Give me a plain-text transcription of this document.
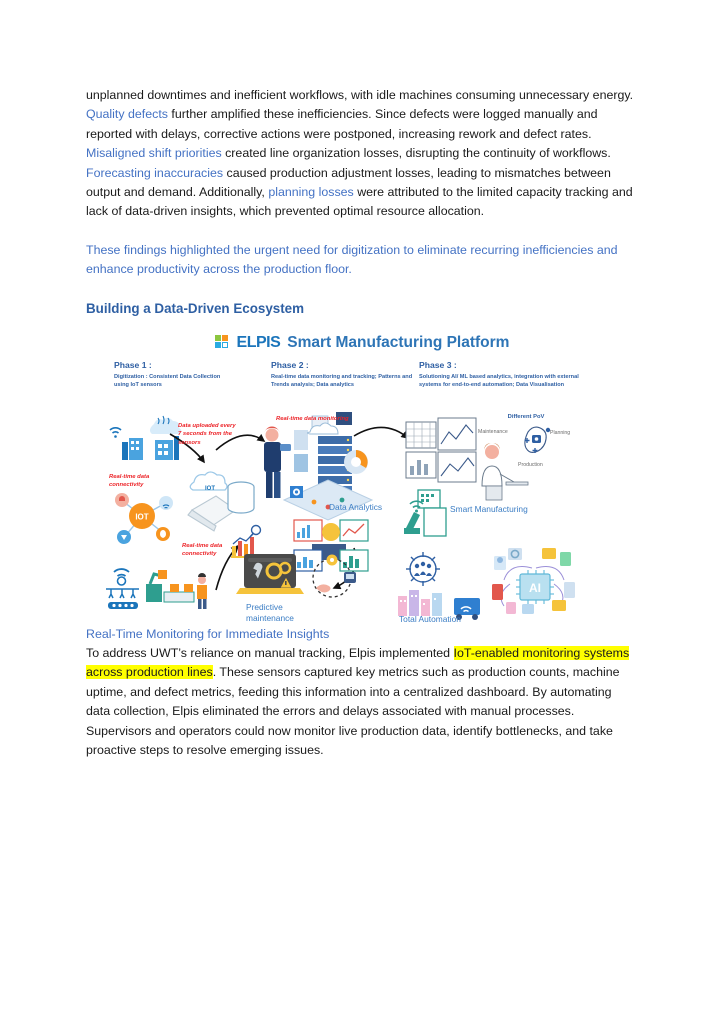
unplanned downtimes and inefficient workflows, with idle machines consuming unnecessary energy.

Quality defects further amplified these inefficiencies. Since defects were logged manually and reported with delays, corrective actions were postponed, increasing rework and defect rates. Misaligned shift priorities created line organization losses, disrupting the continuity of workflows. Forecasting inaccuracies caused production adjustment losses, leading to mismatches between output and demand. Additionally, planning losses were attributed to the limited capacity tracking and lack of data-driven insights, which prevented optimal resource allocation.

These findings highlighted the urgent need for digitization to eliminate recurring inefficiencies and enhance productivity across the production floor.

Building a Data-Driven Ecosystem
ELPIS Smart Manufacturing Platform
Phase 1 :
Digitization : Consistent Data Collection using IoT sensors
Phase 2 :
Real-time data monitoring and tracking; Patterns and Trends analysis; Data analytics
Phase 3 :
Solutioning AI/ ML based analytics, integration with external systems for end-to-end automation; Data Visualisation
IOT
IOT
AI
Data uploaded every 7 seconds from the sensors
Real-time data connectivity
Real-time data connectivity
Real-time data monitoring
Data Analytics
Predictive maintenance
Smart Manufacturing
Total Automation
Different PoV
Maintenance	Planning
Production

Real-Time Monitoring for Immediate Insights

To address UWT’s reliance on manual tracking, Elpis implemented IoT-enabled monitoring systems across production lines. These sensors captured key metrics such as production counts, machine uptime, and defect metrics, feeding this information into a centralized dashboard. By automating data collection, Elpis eliminated the errors and delays associated with manual processes. Supervisors and operators could now monitor live production data, identify bottlenecks, and take proactive steps to resolve emerging issues.
